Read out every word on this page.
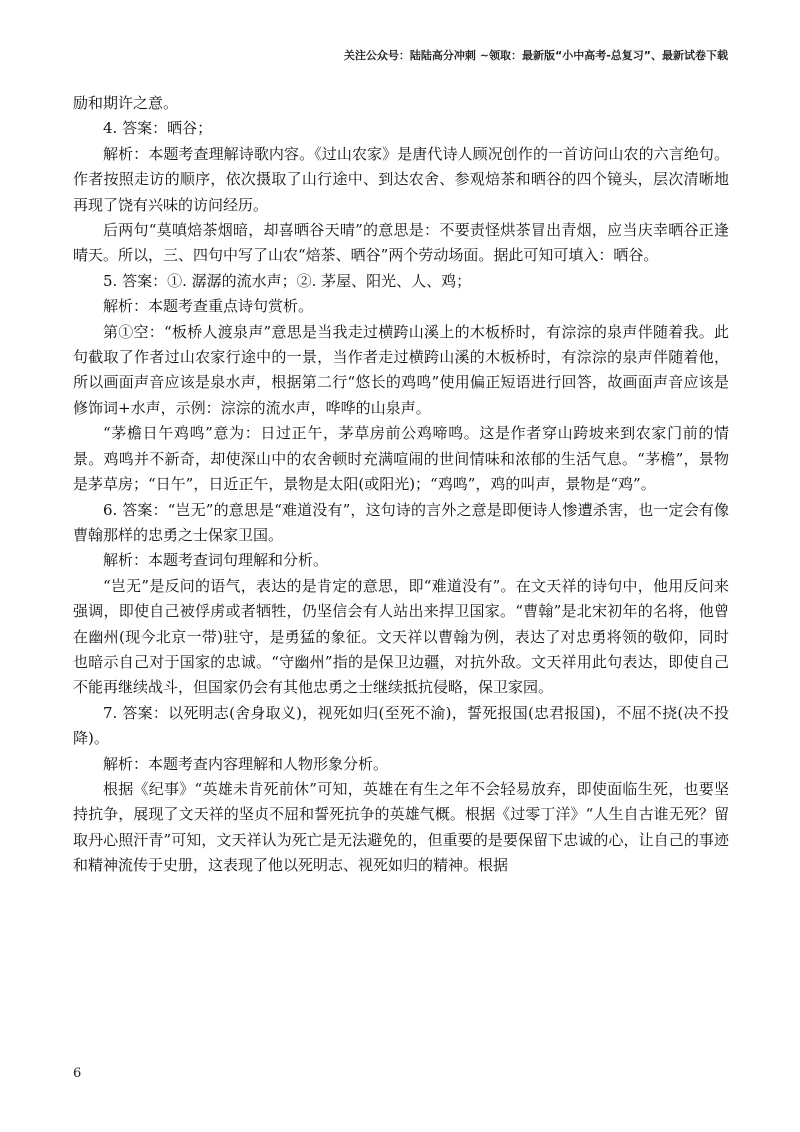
关注公众号：陆陆高分冲刺 ~领取：最新版“小中高考-总复习”、最新试卷下载

励和期许之意。

4. 答案：晒谷；

解析：本题考查理解诗歌内容。《过山农家》是唐代诗人顾况创作的一首访问山农的六言绝句。作者按照走访的顺序，依次摄取了山行途中、到达农舍、参观焙茶和晒谷的四个镜头，层次清晰地再现了饶有兴味的访问经历。

后两句“莫嗔焙茶烟暗，却喜晒谷天晴”的意思是：不要责怪烘茶冒出青烟，应当庆幸晒谷正逢晴天。所以，三、四句中写了山农“焙茶、晒谷”两个劳动场面。据此可知可填入：晒谷。

5. 答案：①. 潺潺的流水声；②. 茅屋、阳光、人、鸡；

解析：本题考查重点诗句赏析。

第①空：“板桥人渡泉声”意思是当我走过横跨山溪上的木板桥时，有淙淙的泉声伴随着我。此句截取了作者过山农家行途中的一景，当作者走过横跨山溪的木板桥时，有淙淙的泉声伴随着他，所以画面声音应该是泉水声，根据第二行“悠长的鸡鸣”使用偏正短语进行回答，故画面声音应该是修饰词+水声，示例：淙淙的流水声，哗哗的山泉声。

“茅檐日午鸡鸣”意为：日过正午，茅草房前公鸡啼鸣。这是作者穿山跨坡来到农家门前的情景。鸡鸣并不新奇，却使深山中的农舍顿时充满喧闹的世间情味和浓郁的生活气息。“茅檐”，景物是茅草房；“日午”，日近正午，景物是太阳(或阳光)；“鸡鸣”，鸡的叫声，景物是“鸡”。

6. 答案：“岂无”的意思是“难道没有”，这句诗的言外之意是即便诗人惨遭杀害，也一定会有像曹翰那样的忠勇之士保家卫国。

解析：本题考查词句理解和分析。

“岂无”是反问的语气，表达的是肯定的意思，即“难道没有”。在文天祥的诗句中，他用反问来强调，即使自己被俘虏或者牺牲，仍坚信会有人站出来捍卫国家。“曹翰”是北宋初年的名将，他曾在幽州(现今北京一带)驻守，是勇猛的象征。文天祥以曹翰为例，表达了对忠勇将领的敬仰，同时也暗示自己对于国家的忠诚。“守幽州”指的是保卫边疆，对抗外敌。文天祥用此句表达，即使自己不能再继续战斗，但国家仍会有其他忠勇之士继续抵抗侵略，保卫家园。

7. 答案：以死明志(舍身取义)，视死如归(至死不渝)，誓死报国(忠君报国)，不屈不挠(决不投降)。

解析：本题考查内容理解和人物形象分析。

根据《纪事》“英雄未肯死前休”可知，英雄在有生之年不会轻易放弃，即使面临生死，也要坚持抗争，展现了文天祥的坚贞不屈和誓死抗争的英雄气概。根据《过零丁洋》“人生自古谁无死？留取丹心照汗青”可知，文天祥认为死亡是无法避免的，但重要的是要保留下忠诚的心，让自己的事迹和精神流传于史册，这表现了他以死明志、视死如归的精神。根据

6
